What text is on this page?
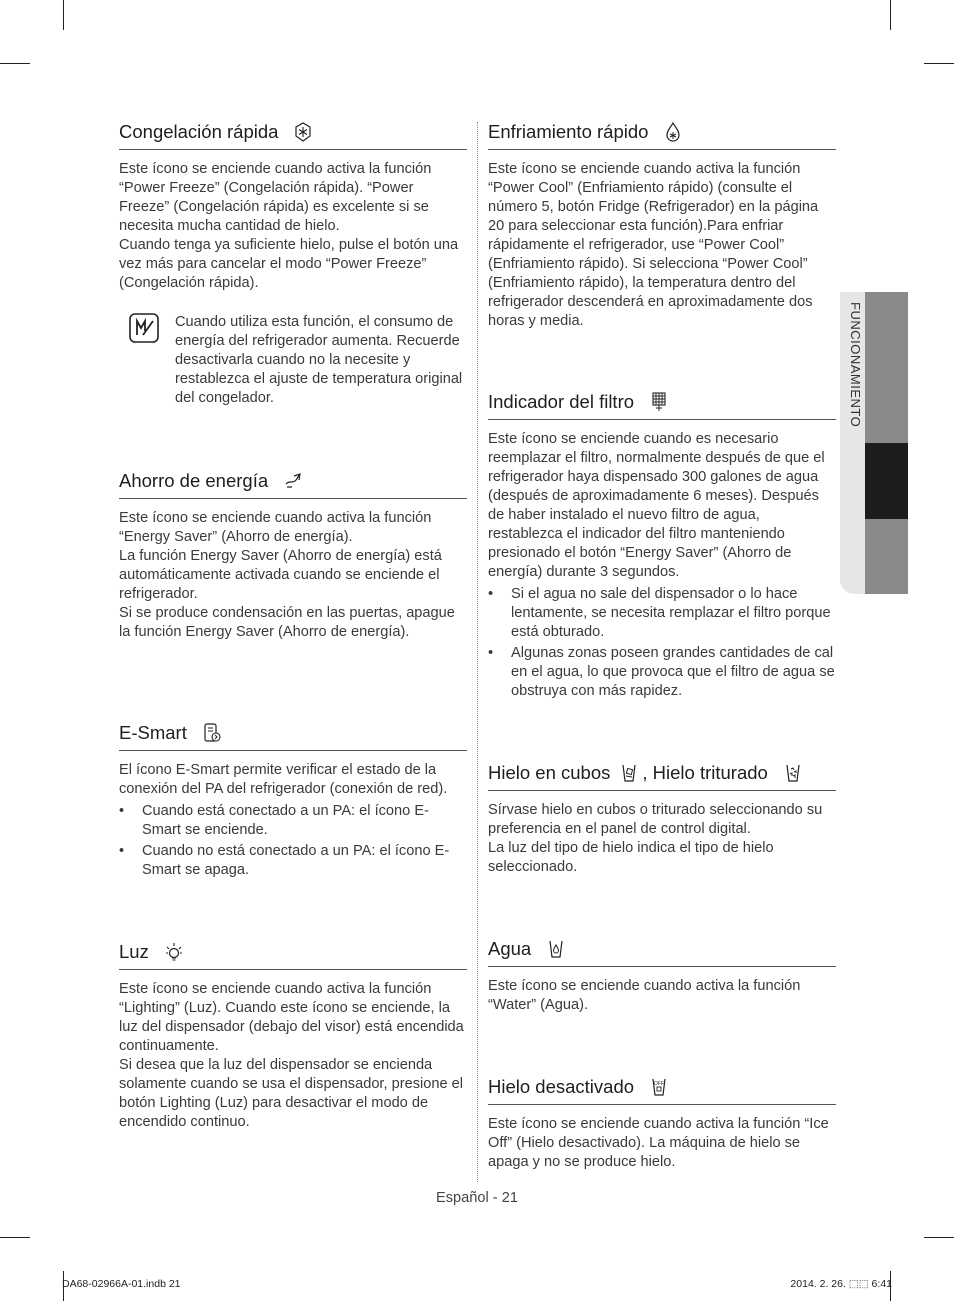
Congelación rápida

Este ícono se enciende cuando activa la función “Power Freeze” (Congelación rápida). “Power Freeze” (Congelación rápida) es excelente si se necesita mucha cantidad de hielo.

Cuando tenga ya suficiente hielo, pulse el botón una vez más para cancelar el modo “Power Freeze” (Congelación rápida).

Cuando utiliza esta función, el consumo de energía del refrigerador aumenta. Recuerde desactivarla cuando no la necesite y restablezca el ajuste de temperatura original del congelador.
Ahorro de energía

Este ícono se enciende cuando activa la función “Energy Saver” (Ahorro de energía).

La función Energy Saver (Ahorro de energía) está automáticamente activada cuando se enciende el refrigerador.

Si se produce condensación en las puertas, apague la función Energy Saver (Ahorro de energía).

E-Smart

El ícono E-Smart permite verificar el estado de la conexión del PA del refrigerador (conexión de red).

• Cuando está conectado a un PA: el ícono E-Smart se enciende.
• Cuando no está conectado a un PA: el ícono E-Smart se apaga.
Luz

Este ícono se enciende cuando activa la función “Lighting” (Luz). Cuando este ícono se enciende, la luz del dispensador (debajo del visor) está encendida continuamente.

Si desea que la luz del dispensador se encienda solamente cuando se usa el dispensador, presione el botón Lighting (Luz) para desactivar el modo de encendido continuo.

Enfriamiento rápido

Este ícono se enciende cuando activa la función “Power Cool” (Enfriamiento rápido) (consulte el número 5, botón Fridge (Refrigerador) en la página 20 para seleccionar esta función).Para enfriar rápidamente el refrigerador, use “Power Cool” (Enfriamiento rápido). Si selecciona “Power Cool” (Enfriamiento rápido), la temperatura dentro del refrigerador descenderá en aproximadamente dos horas y media.

Indicador del filtro

Este ícono se enciende cuando es necesario reemplazar el filtro, normalmente después de que el refrigerador haya dispensado 300 galones de agua (después de aproximadamente 6 meses). Después de haber instalado el nuevo filtro de agua, restablezca el indicador del filtro manteniendo presionado el botón “Energy Saver” (Ahorro de energía) durante 3 segundos.

• Si el agua no sale del dispensador o lo hace lentamente, se necesita remplazar el filtro porque está obturado.
• Algunas zonas poseen grandes cantidades de cal en el agua, lo que provoca que el filtro de agua se obstruya con más rapidez.
Hielo en cubos , Hielo triturado

Sírvase hielo en cubos o triturado seleccionando su preferencia en el panel de control digital.

La luz del tipo de hielo indica el tipo de hielo seleccionado.

Agua

Este ícono se enciende cuando activa la función “Water” (Agua).

Hielo desactivado	OFF

Este ícono se enciende cuando activa la función “Ice Off” (Hielo desactivado). La máquina de hielo se apaga y no se produce hielo.

FUNCIONAMIENTO
Español - 21
DA68-02966A-01.indb 21	2014. 2. 26. ⬚⬚ 6:41
